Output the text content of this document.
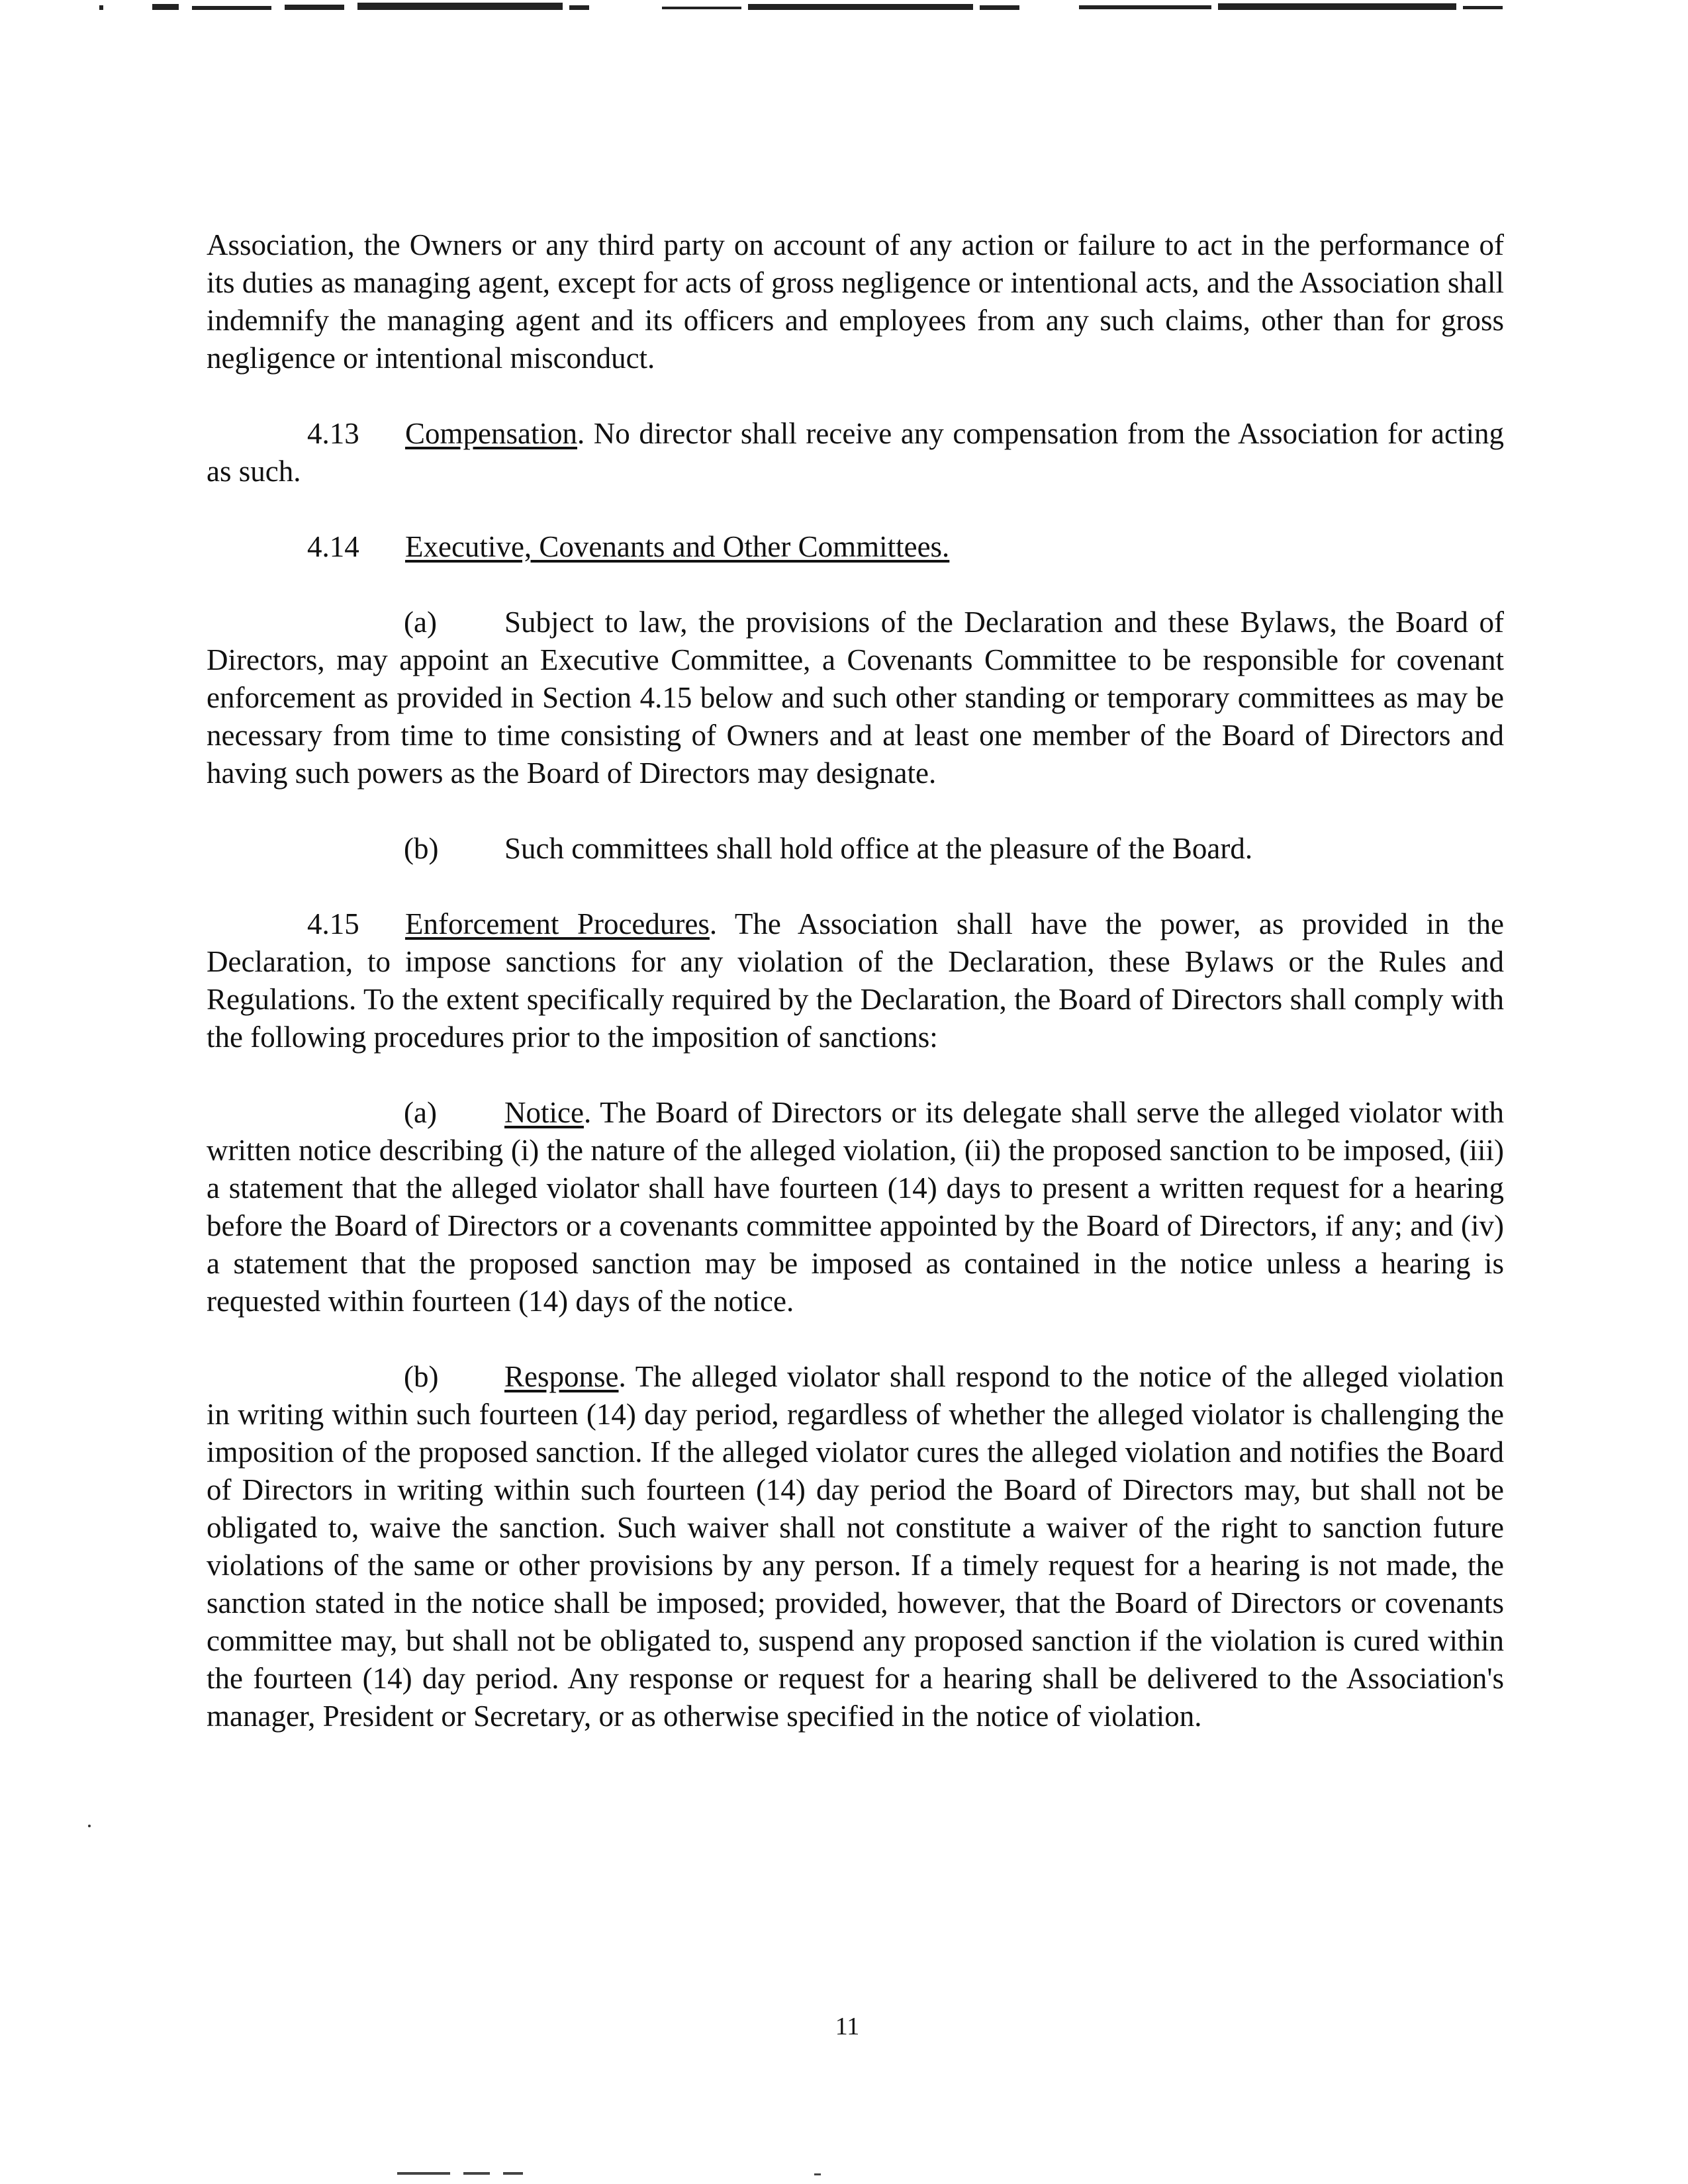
Association, the Owners or any third party on account of any action or failure to act in the performance of its duties as managing agent, except for acts of gross negligence or intentional acts, and the Association shall indemnify the managing agent and its officers and employees from any such claims, other than for gross negligence or intentional misconduct.

4.13 Compensation. No director shall receive any compensation from the Association for acting as such.

4.14 Executive, Covenants and Other Committees.

(a) Subject to law, the provisions of the Declaration and these Bylaws, the Board of Directors, may appoint an Executive Committee, a Covenants Committee to be responsible for covenant enforcement as provided in Section 4.15 below and such other standing or temporary committees as may be necessary from time to time consisting of Owners and at least one member of the Board of Directors and having such powers as the Board of Directors may designate.

(b) Such committees shall hold office at the pleasure of the Board.

4.15 Enforcement Procedures. The Association shall have the power, as provided in the Declaration, to impose sanctions for any violation of the Declaration, these Bylaws or the Rules and Regulations. To the extent specifically required by the Declaration, the Board of Directors shall comply with the following procedures prior to the imposition of sanctions:

(a) Notice. The Board of Directors or its delegate shall serve the alleged violator with written notice describing (i) the nature of the alleged violation, (ii) the proposed sanction to be imposed, (iii) a statement that the alleged violator shall have fourteen (14) days to present a written request for a hearing before the Board of Directors or a covenants committee appointed by the Board of Directors, if any; and (iv) a statement that the proposed sanction may be imposed as contained in the notice unless a hearing is requested within fourteen (14) days of the notice.

(b) Response. The alleged violator shall respond to the notice of the alleged violation in writing within such fourteen (14) day period, regardless of whether the alleged violator is challenging the imposition of the proposed sanction. If the alleged violator cures the alleged violation and notifies the Board of Directors in writing within such fourteen (14) day period the Board of Directors may, but shall not be obligated to, waive the sanction. Such waiver shall not constitute a waiver of the right to sanction future violations of the same or other provisions by any person. If a timely request for a hearing is not made, the sanction stated in the notice shall be imposed; provided, however, that the Board of Directors or covenants committee may, but shall not be obligated to, suspend any proposed sanction if the violation is cured within the fourteen (14) day period. Any response or request for a hearing shall be delivered to the Association's manager, President or Secretary, or as otherwise specified in the notice of violation.

11
